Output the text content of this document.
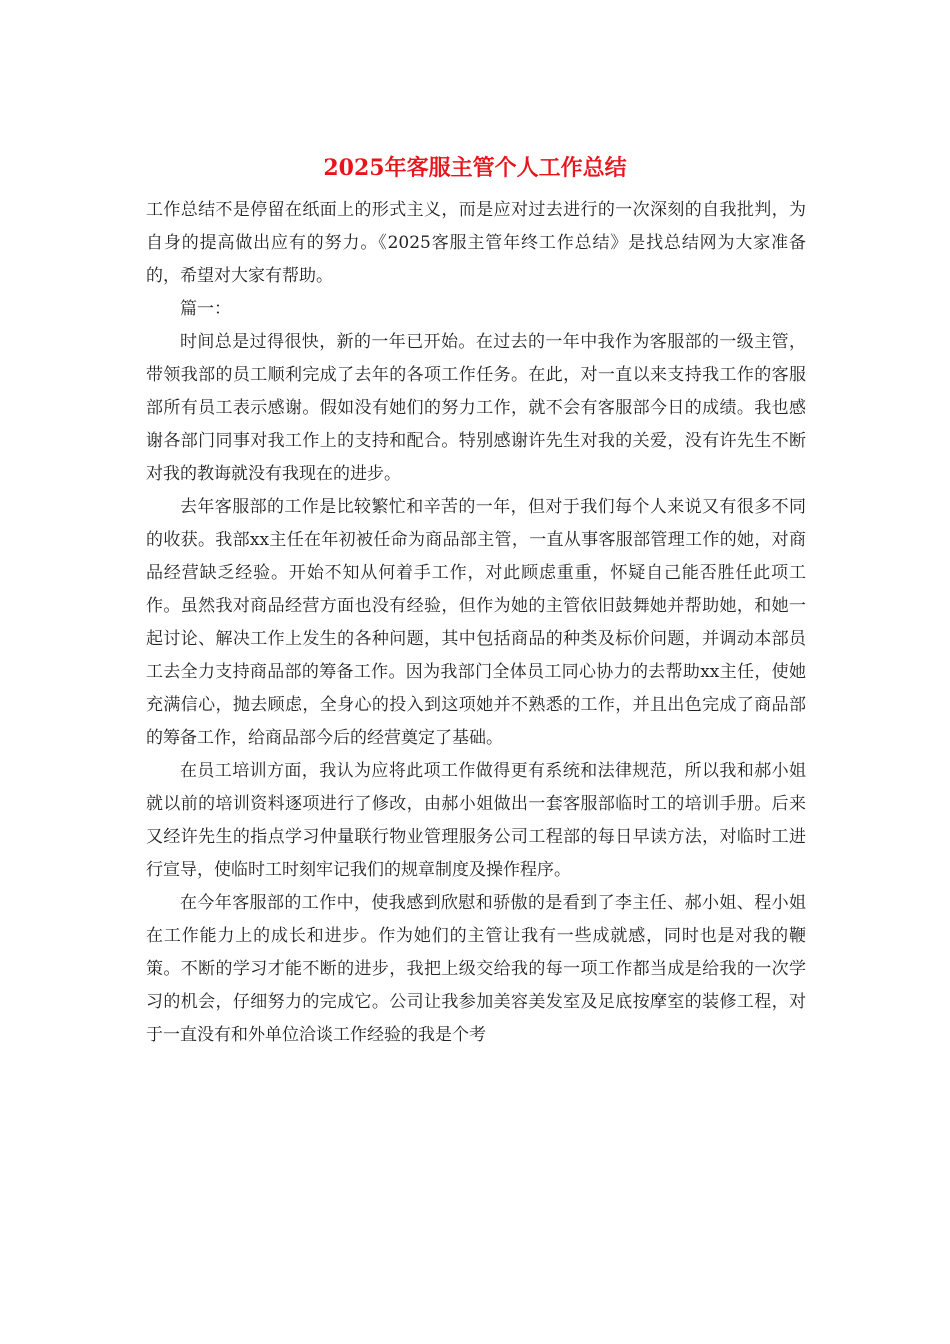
2025年客服主管个人工作总结

工作总结不是停留在纸面上的形式主义，而是应对过去进行的一次深刻的自我批判，为自身的提高做出应有的努力。《2025客服主管年终工作总结》是找总结网为大家准备的，希望对大家有帮助。

篇一：

时间总是过得很快，新的一年已开始。在过去的一年中我作为客服部的一级主管，带领我部的员工顺利完成了去年的各项工作任务。在此，对一直以来支持我工作的客服部所有员工表示感谢。假如没有她们的努力工作，就不会有客服部今日的成绩。我也感谢各部门同事对我工作上的支持和配合。特别感谢许先生对我的关爱，没有许先生不断对我的教诲就没有我现在的进步。

去年客服部的工作是比较繁忙和辛苦的一年，但对于我们每个人来说又有很多不同的收获。我部xx主任在年初被任命为商品部主管，一直从事客服部管理工作的她，对商品经营缺乏经验。开始不知从何着手工作，对此顾虑重重，怀疑自己能否胜任此项工作。虽然我对商品经营方面也没有经验，但作为她的主管依旧鼓舞她并帮助她，和她一起讨论、解决工作上发生的各种问题，其中包括商品的种类及标价问题，并调动本部员工去全力支持商品部的筹备工作。因为我部门全体员工同心协力的去帮助xx主任，使她充满信心，抛去顾虑，全身心的投入到这项她并不熟悉的工作，并且出色完成了商品部的筹备工作，给商品部今后的经营奠定了基础。

在员工培训方面，我认为应将此项工作做得更有系统和法律规范，所以我和郝小姐就以前的培训资料逐项进行了修改，由郝小姐做出一套客服部临时工的培训手册。后来又经许先生的指点学习仲量联行物业管理服务公司工程部的每日早读方法，对临时工进行宣导，使临时工时刻牢记我们的规章制度及操作程序。

在今年客服部的工作中，使我感到欣慰和骄傲的是看到了李主任、郝小姐、程小姐在工作能力上的成长和进步。作为她们的主管让我有一些成就感，同时也是对我的鞭策。不断的学习才能不断的进步，我把上级交给我的每一项工作都当成是给我的一次学习的机会，仔细努力的完成它。公司让我参加美容美发室及足底按摩室的装修工程，对于一直没有和外单位洽谈工作经验的我是个考
